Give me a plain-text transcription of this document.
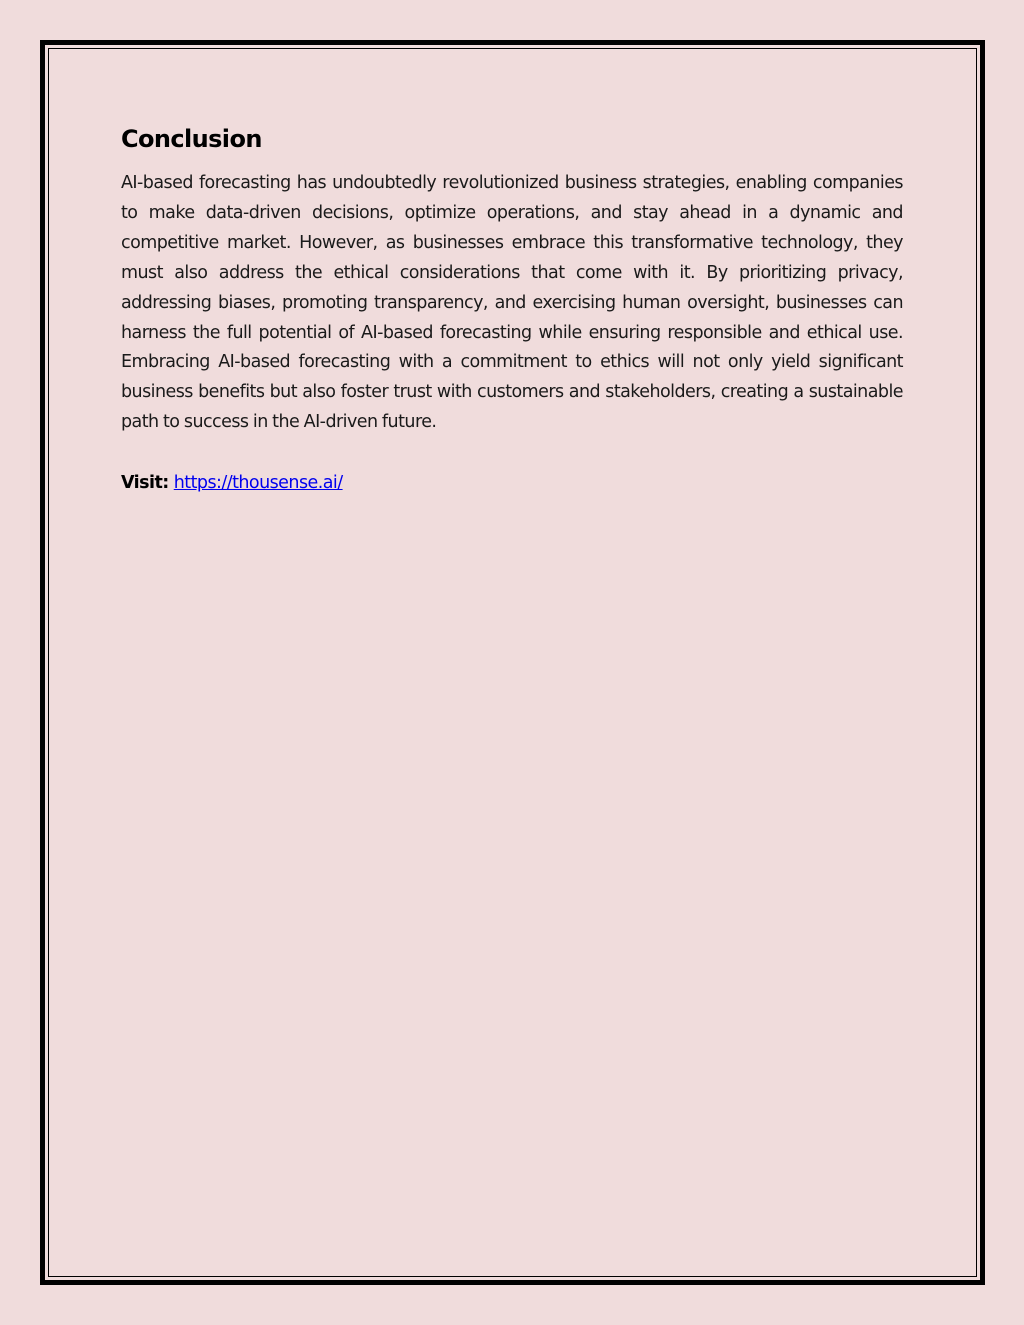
Conclusion

AI-based forecasting has undoubtedly revolutionized business strategies, enabling companies to make data-driven decisions, optimize operations, and stay ahead in a dynamic and competitive market. However, as businesses embrace this transformative technology, they must also address the ethical considerations that come with it. By prioritizing privacy, addressing biases, promoting transparency, and exercising human oversight, businesses can harness the full potential of AI-based forecasting while ensuring responsible and ethical use. Embracing AI-based forecasting with a commitment to ethics will not only yield significant business benefits but also foster trust with customers and stakeholders, creating a sustainable path to success in the AI-driven future.

Visit: https://thousense.ai/
